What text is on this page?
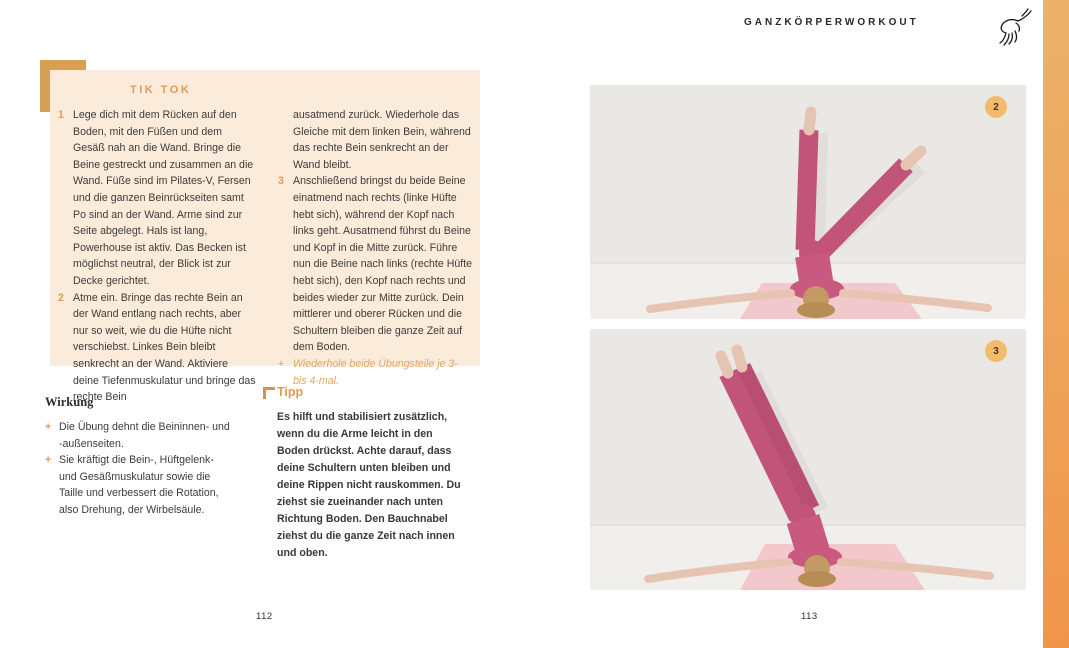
GANZKÖRPERWORKOUT
TIK TOK
1 Lege dich mit dem Rücken auf den Boden, mit den Füßen und dem Gesäß nah an die Wand. Bringe die Beine gestreckt und zusammen an die Wand. Füße sind im Pilates-V, Fersen und die ganzen Beinrückseiten samt Po sind an der Wand. Arme sind zur Seite abgelegt. Hals ist lang, Powerhouse ist aktiv. Das Becken ist möglichst neutral, der Blick ist zur Decke gerichtet.
2 Atme ein. Bringe das rechte Bein an der Wand entlang nach rechts, aber nur so weit, wie du die Hüfte nicht verschiebst. Linkes Bein bleibt senkrecht an der Wand. Aktiviere deine Tiefenmuskulatur und bringe das rechte Bein
ausatmend zurück. Wiederhole das Gleiche mit dem linken Bein, während das rechte Bein senkrecht an der Wand bleibt.
3 Anschließend bringst du beide Beine einatmend nach rechts (linke Hüfte hebt sich), während der Kopf nach links geht. Ausatmend führst du Beine und Kopf in die Mitte zurück. Führe nun die Beine nach links (rechte Hüfte hebt sich), den Kopf nach rechts und beides wieder zur Mitte zurück. Dein mittlerer und oberer Rücken und die Schultern bleiben die ganze Zeit auf dem Boden.
+ Wiederhole beide Übungsteile je 3- bis 4-mal.
Wirkung
+ Die Übung dehnt die Beininnen- und -außenseiten.
+ Sie kräftigt die Bein-, Hüftgelenk- und Gesäßmuskulatur sowie die Taille und verbessert die Rotation, also Drehung, der Wirbelsäule.
Tipp

Es hilft und stabilisiert zusätzlich, wenn du die Arme leicht in den Boden drückst. Achte darauf, dass deine Schultern unten bleiben und deine Rippen nicht rauskommen. Du ziehst sie zueinander nach unten Richtung Boden. Den Bauchnabel ziehst du die ganze Zeit nach innen und oben.

2
3
112	113
